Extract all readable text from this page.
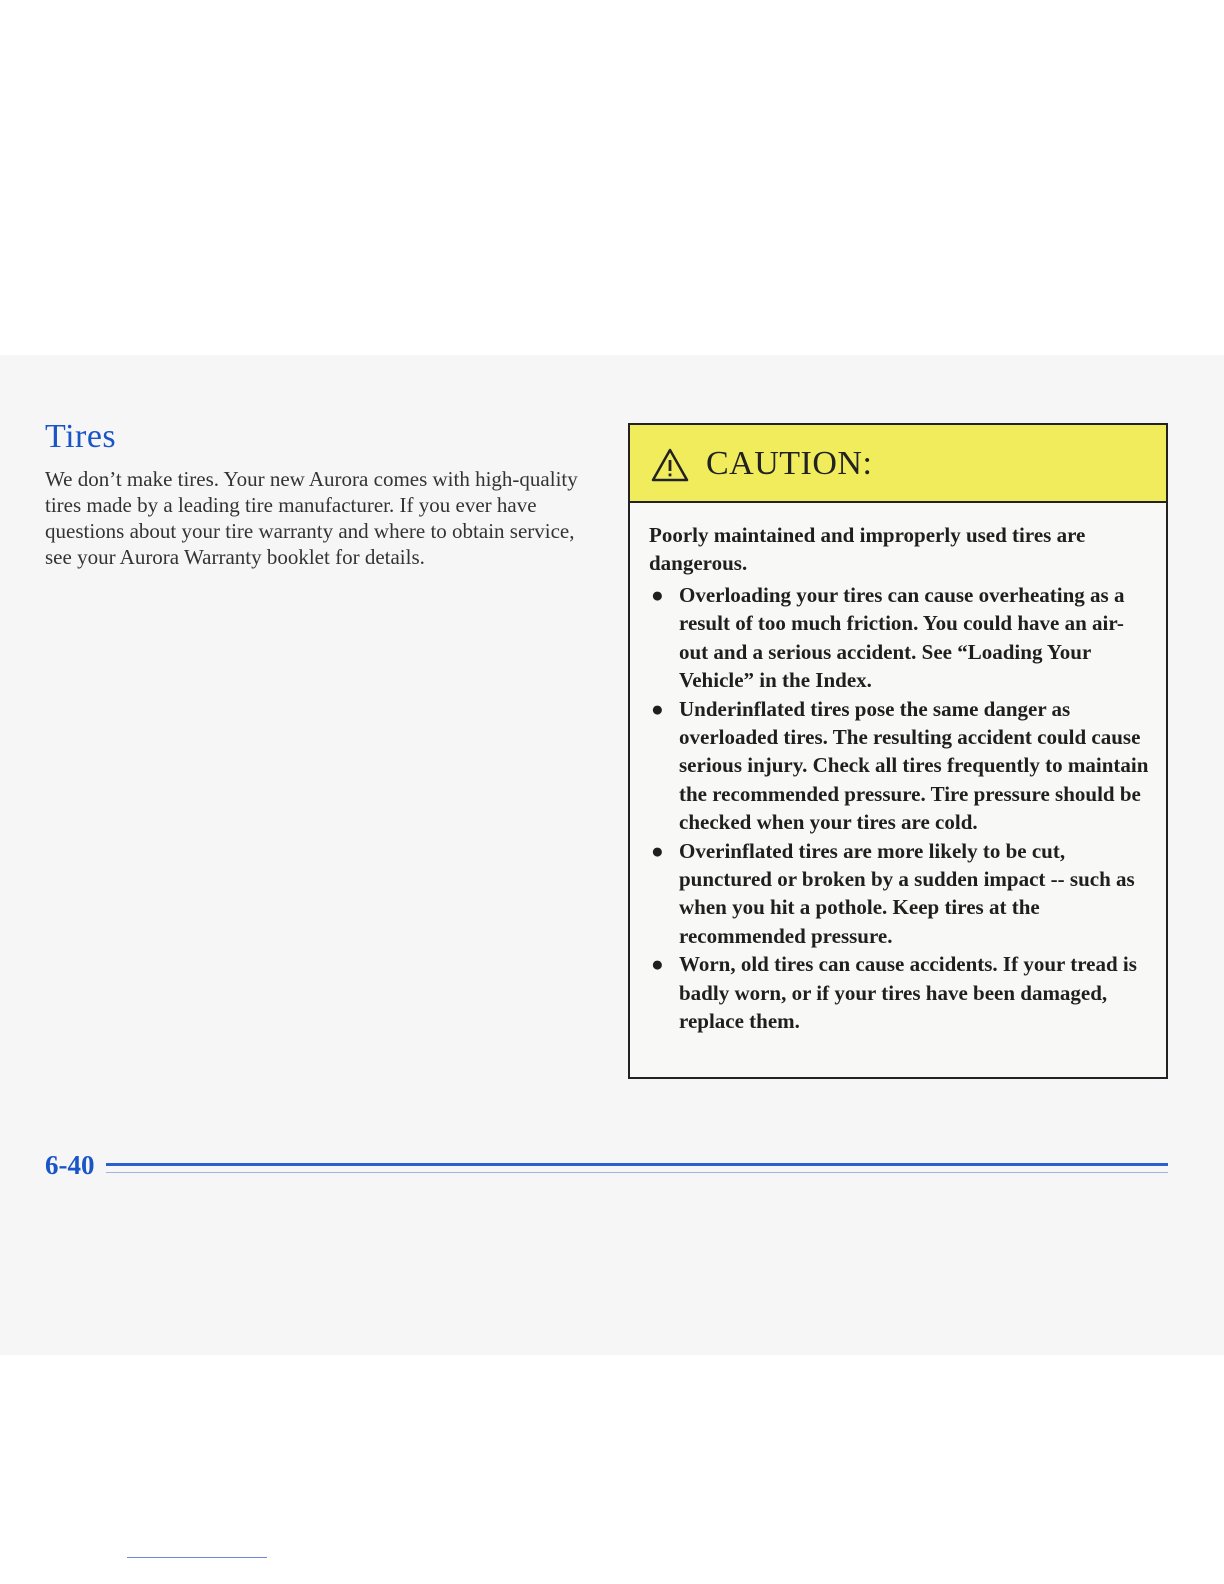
Tires

We don’t make tires. Your new Aurora comes with high-quality tires made by a leading tire manufacturer. If you ever have questions about your tire warranty and where to obtain service, see your Aurora Warranty booklet for details.

CAUTION:

Poorly maintained and improperly used tires are dangerous.

● Overloading your tires can cause overheating as a result of too much friction. You could have an air-out and a serious accident. See “Loading Your Vehicle” in the Index.
● Underinflated tires pose the same danger as overloaded tires. The resulting accident could cause serious injury. Check all tires frequently to maintain the recommended pressure. Tire pressure should be checked when your tires are cold.
● Overinflated tires are more likely to be cut, punctured or broken by a sudden impact -- such as when you hit a pothole. Keep tires at the recommended pressure.
● Worn, old tires can cause accidents. If your tread is badly worn, or if your tires have been damaged, replace them.
6-40
